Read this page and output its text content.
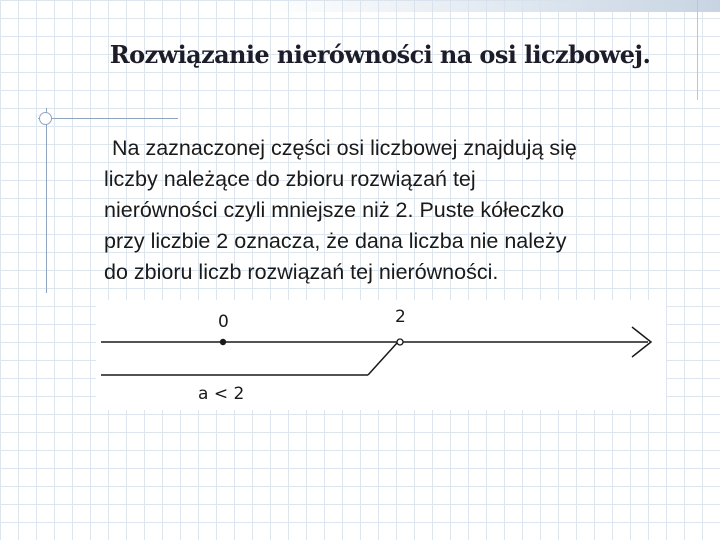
Rozwiązanie nierówności na osi liczbowej.
Na zaznaczonej części osi liczbowej znajdują się
liczby należące do zbioru rozwiązań tej
nierówności czyli mniejsze niż 2. Puste kółeczko
przy liczbie 2 oznacza, że dana liczba nie należy
do zbioru liczb rozwiązań tej nierówności.
0	2
a < 2
